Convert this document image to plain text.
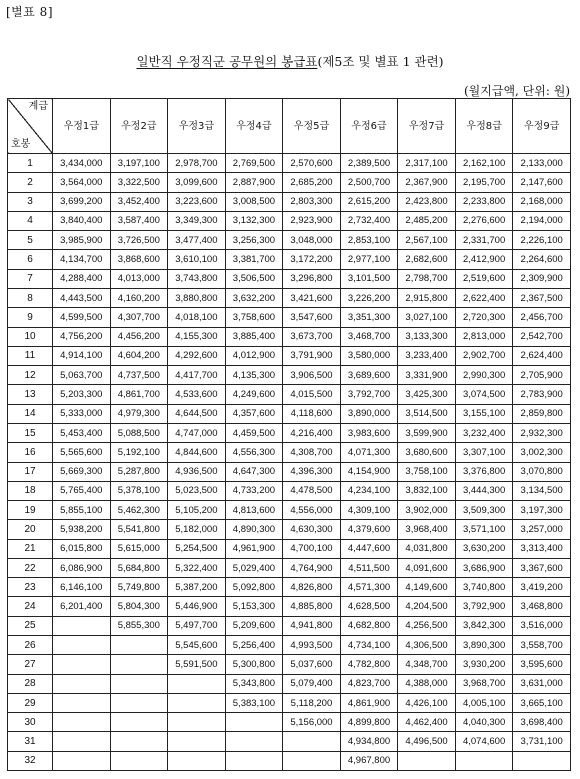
[별표 8]
일반직 우정직군 공무원의 봉급표(제5조 및 별표 1 관련)
(월지급액, 단위: 원)
계급
호봉	우정1급	우정2급	우정3급	우정4급	우정5급	우정6급	우정7급	우정8급	우정9급
1	3,434,000	3,197,100	2,978,700	2,769,500	2,570,600	2,389,500	2,317,100	2,162,100	2,133,000
2	3,564,000	3,322,500	3,099,600	2,887,900	2,685,200	2,500,700	2,367,900	2,195,700	2,147,600
3	3,699,200	3,452,400	3,223,600	3,008,500	2,803,300	2,615,200	2,423,800	2,233,800	2,168,000
4	3,840,400	3,587,400	3,349,300	3,132,300	2,923,900	2,732,400	2,485,200	2,276,600	2,194,000
5	3,985,900	3,726,500	3,477,400	3,256,300	3,048,000	2,853,100	2,567,100	2,331,700	2,226,100
6	4,134,700	3,868,600	3,610,100	3,381,700	3,172,200	2,977,100	2,682,600	2,412,900	2,264,600
7	4,288,400	4,013,000	3,743,800	3,506,500	3,296,800	3,101,500	2,798,700	2,519,600	2,309,900
8	4,443,500	4,160,200	3,880,800	3,632,200	3,421,600	3,226,200	2,915,800	2,622,400	2,367,500
9	4,599,500	4,307,700	4,018,100	3,758,600	3,547,600	3,351,300	3,027,100	2,720,300	2,456,700
10	4,756,200	4,456,200	4,155,300	3,885,400	3,673,700	3,468,700	3,133,300	2,813,000	2,542,700
11	4,914,100	4,604,200	4,292,600	4,012,900	3,791,900	3,580,000	3,233,400	2,902,700	2,624,400
12	5,063,700	4,737,500	4,417,700	4,135,300	3,906,500	3,689,600	3,331,900	2,990,300	2,705,900
13	5,203,300	4,861,700	4,533,600	4,249,600	4,015,500	3,792,700	3,425,300	3,074,500	2,783,900
14	5,333,000	4,979,300	4,644,500	4,357,600	4,118,600	3,890,000	3,514,500	3,155,100	2,859,800
15	5,453,400	5,088,500	4,747,000	4,459,500	4,216,400	3,983,600	3,599,900	3,232,400	2,932,300
16	5,565,600	5,192,100	4,844,600	4,556,300	4,308,700	4,071,300	3,680,600	3,307,100	3,002,300
17	5,669,300	5,287,800	4,936,500	4,647,300	4,396,300	4,154,900	3,758,100	3,376,800	3,070,800
18	5,765,400	5,378,100	5,023,500	4,733,200	4,478,500	4,234,100	3,832,100	3,444,300	3,134,500
19	5,855,100	5,462,300	5,105,200	4,813,600	4,556,000	4,309,100	3,902,000	3,509,300	3,197,300
20	5,938,200	5,541,800	5,182,000	4,890,300	4,630,300	4,379,600	3,968,400	3,571,100	3,257,000
21	6,015,800	5,615,000	5,254,500	4,961,900	4,700,100	4,447,600	4,031,800	3,630,200	3,313,400
22	6,086,900	5,684,800	5,322,400	5,029,400	4,764,900	4,511,500	4,091,600	3,686,900	3,367,600
23	6,146,100	5,749,800	5,387,200	5,092,800	4,826,800	4,571,300	4,149,600	3,740,800	3,419,200
24	6,201,400	5,804,300	5,446,900	5,153,300	4,885,800	4,628,500	4,204,500	3,792,900	3,468,800
25		5,855,300	5,497,700	5,209,600	4,941,800	4,682,800	4,256,500	3,842,300	3,516,000
26			5,545,600	5,256,400	4,993,500	4,734,100	4,306,500	3,890,300	3,558,700
27			5,591,500	5,300,800	5,037,600	4,782,800	4,348,700	3,930,200	3,595,600
28				5,343,800	5,079,400	4,823,700	4,388,000	3,968,700	3,631,000
29				5,383,100	5,118,200	4,861,900	4,426,100	4,005,100	3,665,100
30					5,156,000	4,899,800	4,462,400	4,040,300	3,698,400
31						4,934,800	4,496,500	4,074,600	3,731,100
32						4,967,800			
